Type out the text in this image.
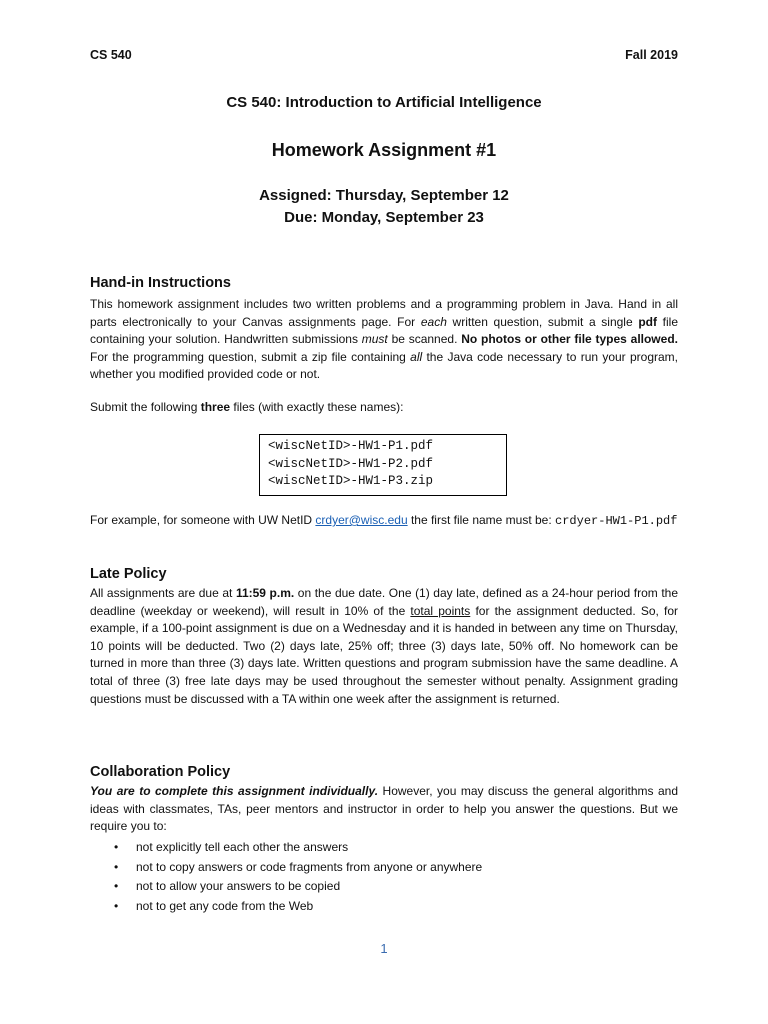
CS 540	Fall 2019
CS 540: Introduction to Artificial Intelligence
Homework Assignment #1
Assigned: Thursday, September 12
Due: Monday, September 23
Hand-in Instructions
This homework assignment includes two written problems and a programming problem in Java. Hand in all parts electronically to your Canvas assignments page. For each written question, submit a single pdf file containing your solution. Handwritten submissions must be scanned. No photos or other file types allowed. For the programming question, submit a zip file containing all the Java code necessary to run your program, whether you modified provided code or not.
Submit the following three files (with exactly these names):
<wiscNetID>-HW1-P1.pdf
<wiscNetID>-HW1-P2.pdf
<wiscNetID>-HW1-P3.zip
For example, for someone with UW NetID crdyer@wisc.edu the first file name must be: crdyer-HW1-P1.pdf
Late Policy
All assignments are due at 11:59 p.m. on the due date. One (1) day late, defined as a 24-hour period from the deadline (weekday or weekend), will result in 10% of the total points for the assignment deducted. So, for example, if a 100-point assignment is due on a Wednesday and it is handed in between any time on Thursday, 10 points will be deducted. Two (2) days late, 25% off; three (3) days late, 50% off. No homework can be turned in more than three (3) days late. Written questions and program submission have the same deadline. A total of three (3) free late days may be used throughout the semester without penalty. Assignment grading questions must be discussed with a TA within one week after the assignment is returned.
Collaboration Policy
You are to complete this assignment individually. However, you may discuss the general algorithms and ideas with classmates, TAs, peer mentors and instructor in order to help you answer the questions. But we require you to:
• not explicitly tell each other the answers
• not to copy answers or code fragments from anyone or anywhere
• not to allow your answers to be copied
• not to get any code from the Web
1
